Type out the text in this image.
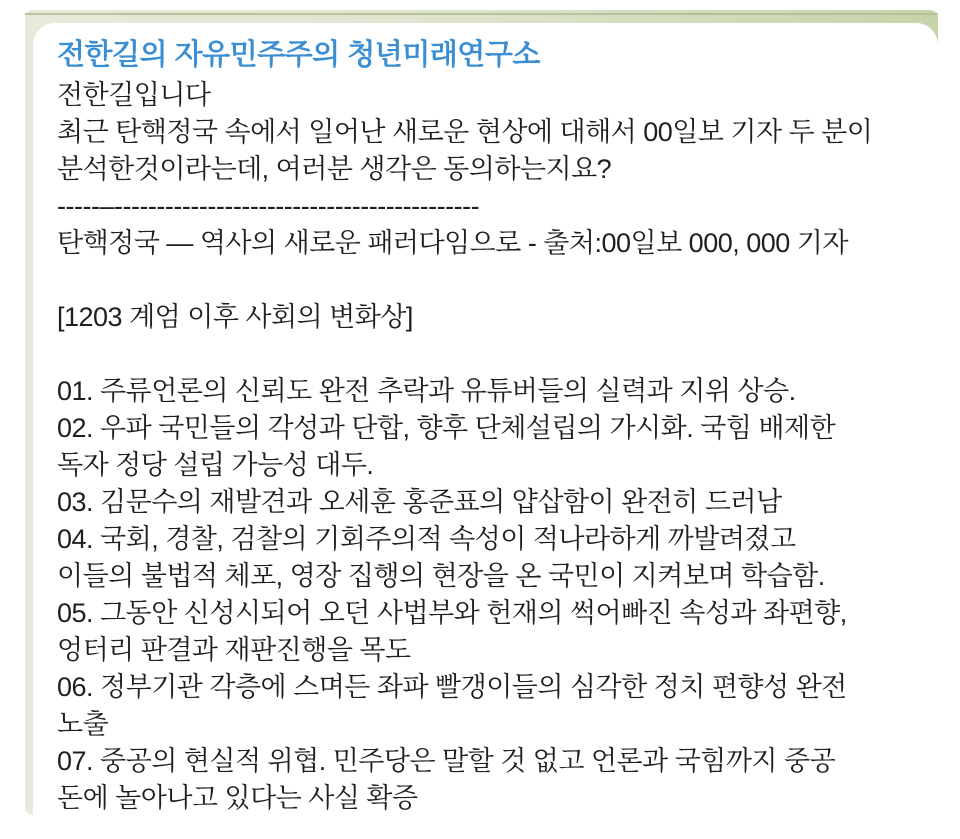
전한길의 자유민주주의 청년미래연구소
전한길입니다
최근 탄핵정국 속에서 일어난 새로운 현상에 대해서 00일보 기자 두 분이
분석한것이라는데, 여러분 생각은 동의하는지요?
-----–-------------------------------------------
탄핵정국 — 역사의 새로운 패러다임으로 - 출처:00일보 000, 000 기자
[1203 계엄 이후 사회의 변화상]
01. 주류언론의 신뢰도 완전 추락과 유튜버들의 실력과 지위 상승.
02. 우파 국민들의 각성과 단합, 향후 단체설립의 가시화. 국힘 배제한
독자 정당 설립 가능성 대두.
03. 김문수의 재발견과 오세훈 홍준표의 얍삽함이 완전히 드러남
04. 국회, 경찰, 검찰의 기회주의적 속성이 적나라하게 까발려졌고
이들의 불법적 체포, 영장 집행의 현장을 온 국민이 지켜보며 학습함.
05. 그동안 신성시되어 오던 사법부와 헌재의 썩어빠진 속성과 좌편향,
엉터리 판결과 재판진행을 목도
06. 정부기관 각층에 스며든 좌파 빨갱이들의 심각한 정치 편향성 완전
노출
07. 중공의 현실적 위협. 민주당은 말할 것 없고 언론과 국힘까지 중공
돈에 놀아나고 있다는 사실 확증
